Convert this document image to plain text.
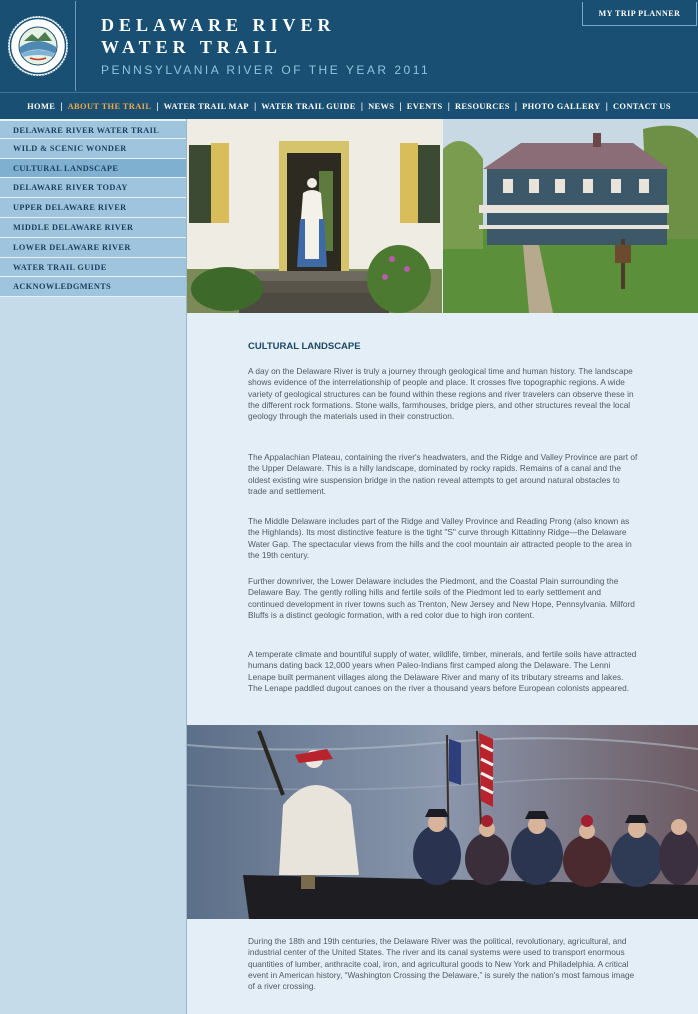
DELAWARE RIVER
WATER TRAIL
PENNSYLVANIA RIVER OF THE YEAR 2011
MY TRIP PLANNER
HOME | ABOUT THE TRAIL | WATER TRAIL MAP | WATER TRAIL GUIDE | NEWS | EVENTS | RESOURCES | PHOTO GALLERY | CONTACT US
DELAWARE RIVER WATER TRAIL
WILD & SCENIC WONDER
CULTURAL LANDSCAPE
DELAWARE RIVER TODAY
UPPER DELAWARE RIVER
MIDDLE DELAWARE RIVER
LOWER DELAWARE RIVER
WATER TRAIL GUIDE
ACKNOWLEDGMENTS
CULTURAL LANDSCAPE

A day on the Delaware River is truly a journey through geological time and human history. The landscape shows evidence of the interrelationship of people and place. It crosses five topographic regions. A wide variety of geological structures can be found within these regions and river travelers can observe these in the different rock formations. Stone walls, farmhouses, bridge piers, and other structures reveal the local geology through the materials used in their construction.

The Appalachian Plateau, containing the river's headwaters, and the Ridge and Valley Province are part of the Upper Delaware. This is a hilly landscape, dominated by rocky rapids. Remains of a canal and the oldest existing wire suspension bridge in the nation reveal attempts to get around natural obstacles to trade and settlement.

The Middle Delaware includes part of the Ridge and Valley Province and Reading Prong (also known as the Highlands). Its most distinctive feature is the tight "S" curve through Kittatinny Ridge—the Delaware Water Gap. The spectacular views from the hills and the cool mountain air attracted people to the area in the 19th century.

Further downriver, the Lower Delaware includes the Piedmont, and the Coastal Plain surrounding the Delaware Bay. The gently rolling hills and fertile soils of the Piedmont led to early settlement and continued development in river towns such as Trenton, New Jersey and New Hope, Pennsylvania. Milford Bluffs is a distinct geologic formation, with a red color due to high iron content.

A temperate climate and bountiful supply of water, wildlife, timber, minerals, and fertile soils have attracted humans dating back 12,000 years when Paleo-Indians first camped along the Delaware. The Lenni Lenape built permanent villages along the Delaware River and many of its tributary streams and lakes. The Lenape paddled dugout canoes on the river a thousand years before European colonists appeared.

During the 18th and 19th centuries, the Delaware River was the political, revolutionary, agricultural, and industrial center of the United States. The river and its canal systems were used to transport enormous quantities of lumber, anthracite coal, iron, and agricultural goods to New York and Philadelphia. A critical event in American history, “Washington Crossing the Delaware,” is surely the nation's most famous image of a river crossing.
